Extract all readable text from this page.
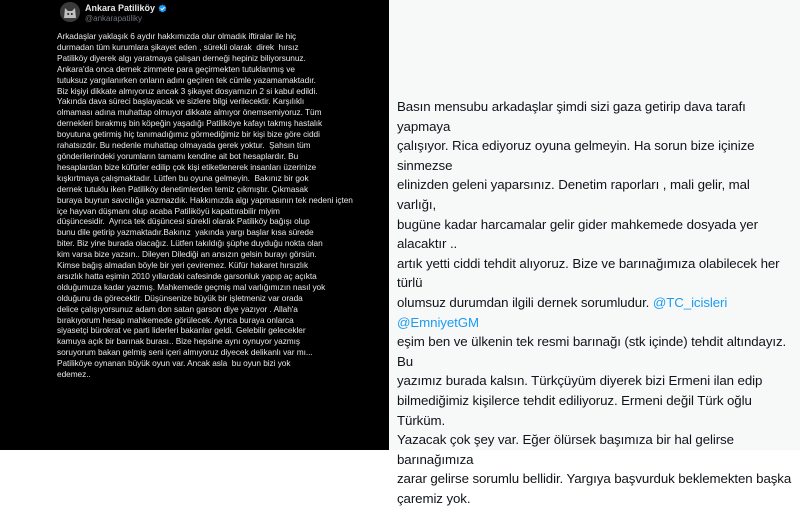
Ankara Patiliköy
@ankarapatiliky
Arkadaşlar yaklaşık 6 aydır hakkımızda olur olmadık iftiralar ile hiç
durmadan tüm kurumlara şikayet eden , sürekli olarak  direk  hırsız
Patiliköy diyerek algı yaratmaya çalışan derneği hepiniz biliyorsunuz.
Ankara'da onca dernek zimmete para geçirmekten tutuklanmış ve
tutuksuz yargılanırken onların adını geçiren tek cümle yazamamaktadır.
Biz kişiyi dikkate almıyoruz ancak 3 şikayet dosyamızın 2 si kabul edildi.
Yakında dava süreci başlayacak ve sizlere bilgi verilecektir. Karşılıklı
olmaması adına muhattap olmuyor dikkate almıyor önemsemiyoruz. Tüm
dernekleri bırakmış bin köpeğin yaşadığı Patiliköye kafayı takmış hastalık
boyutuna getirmiş hiç tanımadığımız görmediğimiz bir kişi bize göre ciddi
rahatsızdır. Bu nedenle muhattap olmayada gerek yoktur.  Şahsın tüm
gönderilerindeki yorumların tamamı kendine ait bot hesaplardır. Bu
hesaplardan bize küfürler edilip çok kişi etiketlenerek insanları üzerinize
kışkırtmaya çalışmaktadır. Lütfen bu oyuna gelmeyin.  Bakınız bir gok
dernek tutuklu iken Patiliköy denetimlerden temiz çıkmıştır. Çıkmasak
buraya buyrun savcılığa yazmazdık. Hakkımızda algı yapmasının tek nedeni içten
içe hayvan düşmanı olup acaba Patiliköyü kapattırabilir miyim
düşüncesidir.  Ayrıca tek düşüncesi sürekli olarak Patiliköy bağışı olup
bunu dile getirip yazmaktadır.Bakınız  yakında yargı başlar kısa sürede
biter. Biz yine burada olacağız. Lütfen takıldığı şüphe duyduğu nokta olan
kim varsa bize yazsın.. Dileyen Dilediği an ansızın gelsin burayı görsün.
Kimse bağış almadan böyle bir yeri çeviremez. Küfür hakaret hırsızlık
arsızlık hatta eşimin 2010 yıllardaki cafesinde garsonluk yapıp aç açıkta
olduğumuza kadar yazmış. Mahkemede geçmiş mal varlığımızın nasıl yok
olduğunu da görecektir. Düşünsenize büyük bir işletmeniz var orada
delice çalışıyorsunuz adam don satan garson diye yazıyor . Allah'a
bırakıyorum hesap mahkemede görülecek. Ayrıca buraya onlarca
siyasetçi bürokrat ve parti liderleri bakanlar geldi. Gelebilir gelecekler
kamuya açık bir barınak burası.. Bize hepsine aynı oynuyor yazmış
soruyorum bakan gelmiş seni içeri almıyoruz diyecek delikanlı var mı...
Patiliköye oynanan büyük oyun var. Ancak asla  bu oyun bizi yok
edemez..
Basın mensubu arkadaşlar şimdi sizi gaza getirip dava tarafı yapmaya
çalışıyor. Rica ediyoruz oyuna gelmeyin. Ha sorun bize içinize sinmezse
elinizden geleni yaparsınız. Denetim raporları , mali gelir, mal varlığı,
bugüne kadar harcamalar gelir gider mahkemede dosyada yer alacaktır ..
artık yetti ciddi tehdit alıyoruz. Bize ve barınağımıza olabilecek her türlü
olumsuz durumdan ilgili dernek sorumludur. @TC_icisleri @EmniyetGM
eşim ben ve ülkenin tek resmi barınağı (stk içinde) tehdit altındayız. Bu
yazımız burada kalsın. Türkçüyüm diyerek bizi Ermeni ilan edip
bilmediğimiz kişilerce tehdit ediliyoruz. Ermeni değil Türk oğlu Türküm.
Yazacak çok şey var. Eğer ölürsek başımıza bir hal gelirse barınağımıza
zarar gelirse sorumlu bellidir. Yargıya başvurduk beklemekten başka
çaremiz yok.
